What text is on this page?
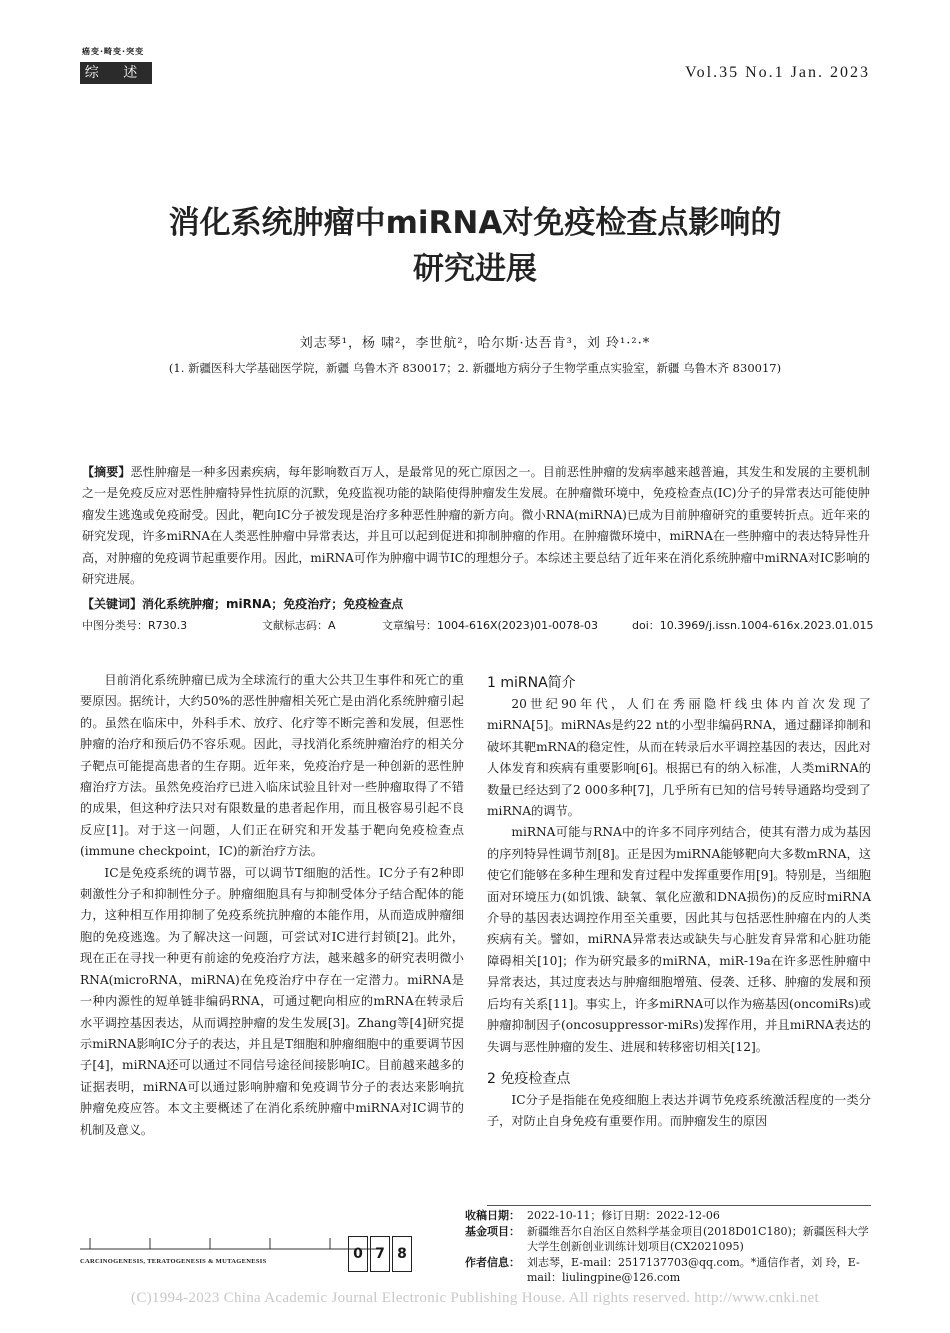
癌变·畸变·突变
综 述	Vol.35 No.1 Jan. 2023
消化系统肿瘤中miRNA对免疫检查点影响的
研究进展
刘志琴¹，杨 啸²，李世航²，哈尔斯·达吾肯³，刘 玲¹·²·*
(1. 新疆医科大学基础医学院，新疆 乌鲁木齐 830017；2. 新疆地方病分子生物学重点实验室，新疆 乌鲁木齐 830017)
【摘要】恶性肿瘤是一种多因素疾病，每年影响数百万人，是最常见的死亡原因之一。目前恶性肿瘤的发病率越来越普遍，其发生和发展的主要机制之一是免疫反应对恶性肿瘤特异性抗原的沉默，免疫监视功能的缺陷使得肿瘤发生发展。在肿瘤微环境中，免疫检查点(IC)分子的异常表达可能使肿瘤发生逃逸或免疫耐受。因此，靶向IC分子被发现是治疗多种恶性肿瘤的新方向。微小RNA(miRNA)已成为目前肿瘤研究的重要转折点。近年来的研究发现，许多miRNA在人类恶性肿瘤中异常表达，并且可以起到促进和抑制肿瘤的作用。在肿瘤微环境中，miRNA在一些肿瘤中的表达特异性升高，对肿瘤的免疫调节起重要作用。因此，miRNA可作为肿瘤中调节IC的理想分子。本综述主要总结了近年来在消化系统肿瘤中miRNA对IC影响的研究进展。
【关键词】消化系统肿瘤；miRNA；免疫治疗；免疫检查点
中图分类号：R730.3	文献标志码：A	文章编号：1004-616X(2023)01-0078-03	doi：10.3969/j.issn.1004-616x.2023.01.015

目前消化系统肿瘤已成为全球流行的重大公共卫生事件和死亡的重要原因。据统计，大约50%的恶性肿瘤相关死亡是由消化系统肿瘤引起的。虽然在临床中，外科手术、放疗、化疗等不断完善和发展，但恶性肿瘤的治疗和预后仍不容乐观。因此，寻找消化系统肿瘤治疗的相关分子靶点可能提高患者的生存期。近年来，免疫治疗是一种创新的恶性肿瘤治疗方法。虽然免疫治疗已进入临床试验且针对一些肿瘤取得了不错的成果，但这种疗法只对有限数量的患者起作用，而且极容易引起不良反应[1]。对于这一问题，人们正在研究和开发基于靶向免疫检查点(immune checkpoint，IC)的新治疗方法。

IC是免疫系统的调节器，可以调节T细胞的活性。IC分子有2种即刺激性分子和抑制性分子。肿瘤细胞具有与抑制受体分子结合配体的能力，这种相互作用抑制了免疫系统抗肿瘤的本能作用，从而造成肿瘤细胞的免疫逃逸。为了解决这一问题，可尝试对IC进行封锁[2]。此外，现在正在寻找一种更有前途的免疫治疗方法，越来越多的研究表明微小RNA(microRNA，miRNA)在免疫治疗中存在一定潜力。miRNA是一种内源性的短单链非编码RNA，可通过靶向相应的mRNA在转录后水平调控基因表达，从而调控肿瘤的发生发展[3]。Zhang等[4]研究提示miRNA影响IC分子的表达，并且是T细胞和肿瘤细胞中的重要调节因子[4]，miRNA还可以通过不同信号途径间接影响IC。目前越来越多的证据表明，miRNA可以通过影响肿瘤和免疫调节分子的表达来影响抗肿瘤免疫应答。本文主要概述了在消化系统肿瘤中miRNA对IC调节的机制及意义。

1 miRNA简介

20世纪90年代，人们在秀丽隐杆线虫体内首次发现了miRNA[5]。miRNAs是约22 nt的小型非编码RNA，通过翻译抑制和破坏其靶mRNA的稳定性，从而在转录后水平调控基因的表达，因此对人体发育和疾病有重要影响[6]。根据已有的纳入标准，人类miRNA的数量已经达到了2 000多种[7]，几乎所有已知的信号转导通路均受到了miRNA的调节。

miRNA可能与RNA中的许多不同序列结合，使其有潜力成为基因的序列特异性调节剂[8]。正是因为miRNA能够靶向大多数mRNA，这使它们能够在多种生理和发育过程中发挥重要作用[9]。特别是，当细胞面对环境压力(如饥饿、缺氧、氧化应激和DNA损伤)的反应时miRNA介导的基因表达调控作用至关重要，因此其与包括恶性肿瘤在内的人类疾病有关。譬如，miRNA异常表达或缺失与心脏发育异常和心脏功能障碍相关[10]；作为研究最多的miRNA，miR-19a在许多恶性肿瘤中异常表达，其过度表达与肿瘤细胞增殖、侵袭、迁移、肿瘤的发展和预后均有关系[11]。事实上，许多miRNA可以作为癌基因(oncomiRs)或肿瘤抑制因子(oncosuppressor-miRs)发挥作用，并且miRNA表达的失调与恶性肿瘤的发生、进展和转移密切相关[12]。

2 免疫检查点

IC分子是指能在免疫细胞上表达并调节免疫系统激活程度的一类分子，对防止自身免疫有重要作用。而肿瘤发生的原因

收稿日期： 2022-10-11；修订日期：2022-12-06
基金项目： 新疆维吾尔自治区自然科学基金项目(2018D01C180)；新疆医科大学大学生创新创业训练计划项目(CX2021095)
作者信息： 刘志琴，E-mail：2517137703@qq.com。*通信作者，刘 玲，E-mail：liulingpine@126.com
CARCINOGENESIS, TERATOGENESIS & MUTAGENESIS	0 7 8
(C)1994-2023 China Academic Journal Electronic Publishing House. All rights reserved. http://www.cnki.net
